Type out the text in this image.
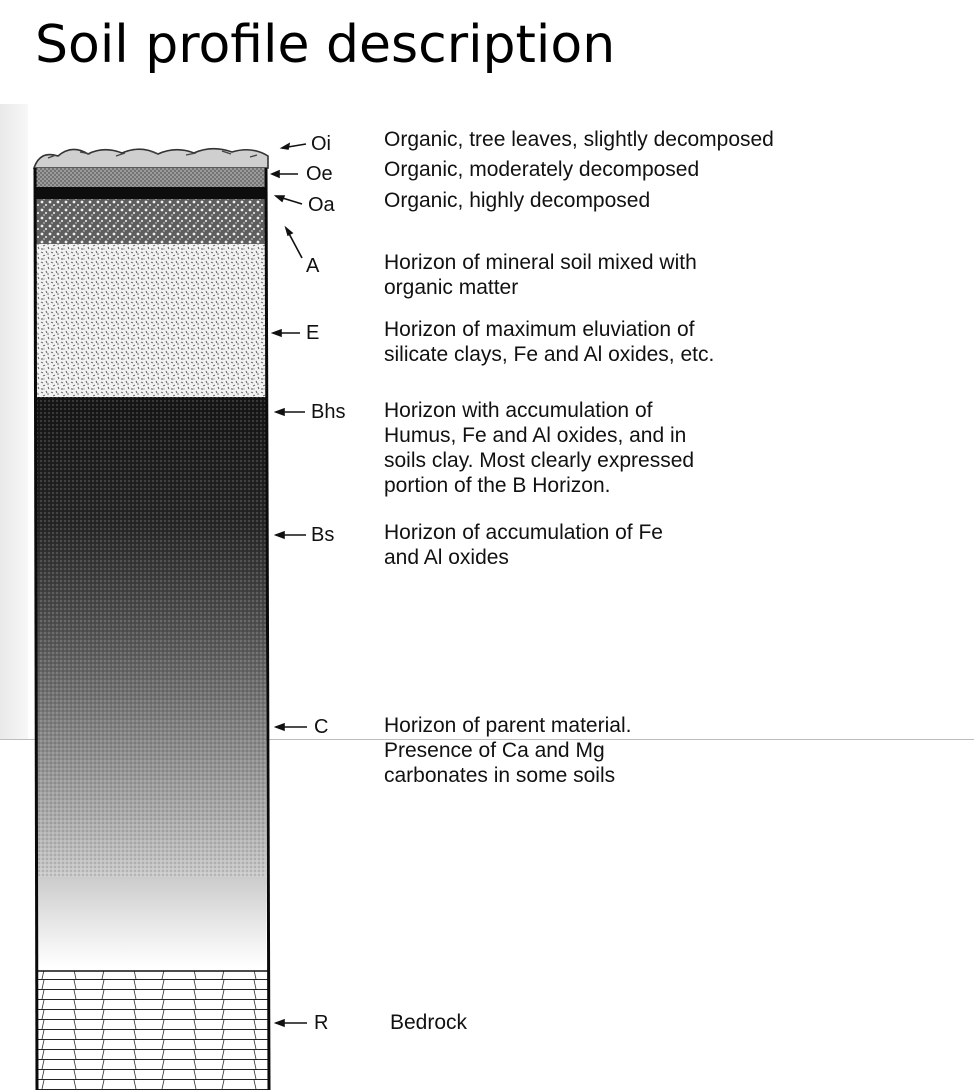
Soil profile description
Oi
Oe
Oa
A
E
Bhs
Bs
C
R
Organic, tree leaves, slightly decomposed
Organic, moderately decomposed
Organic, highly decomposed
Horizon of mineral soil mixed with
organic matter
Horizon of maximum eluviation of
silicate clays, Fe and Al oxides, etc.
Horizon with accumulation of
Humus, Fe and Al oxides, and in
soils clay. Most clearly expressed
portion of the B Horizon.
Horizon of accumulation of Fe
and Al oxides
Horizon of parent material.
Presence of Ca and Mg
carbonates in some soils
Bedrock
